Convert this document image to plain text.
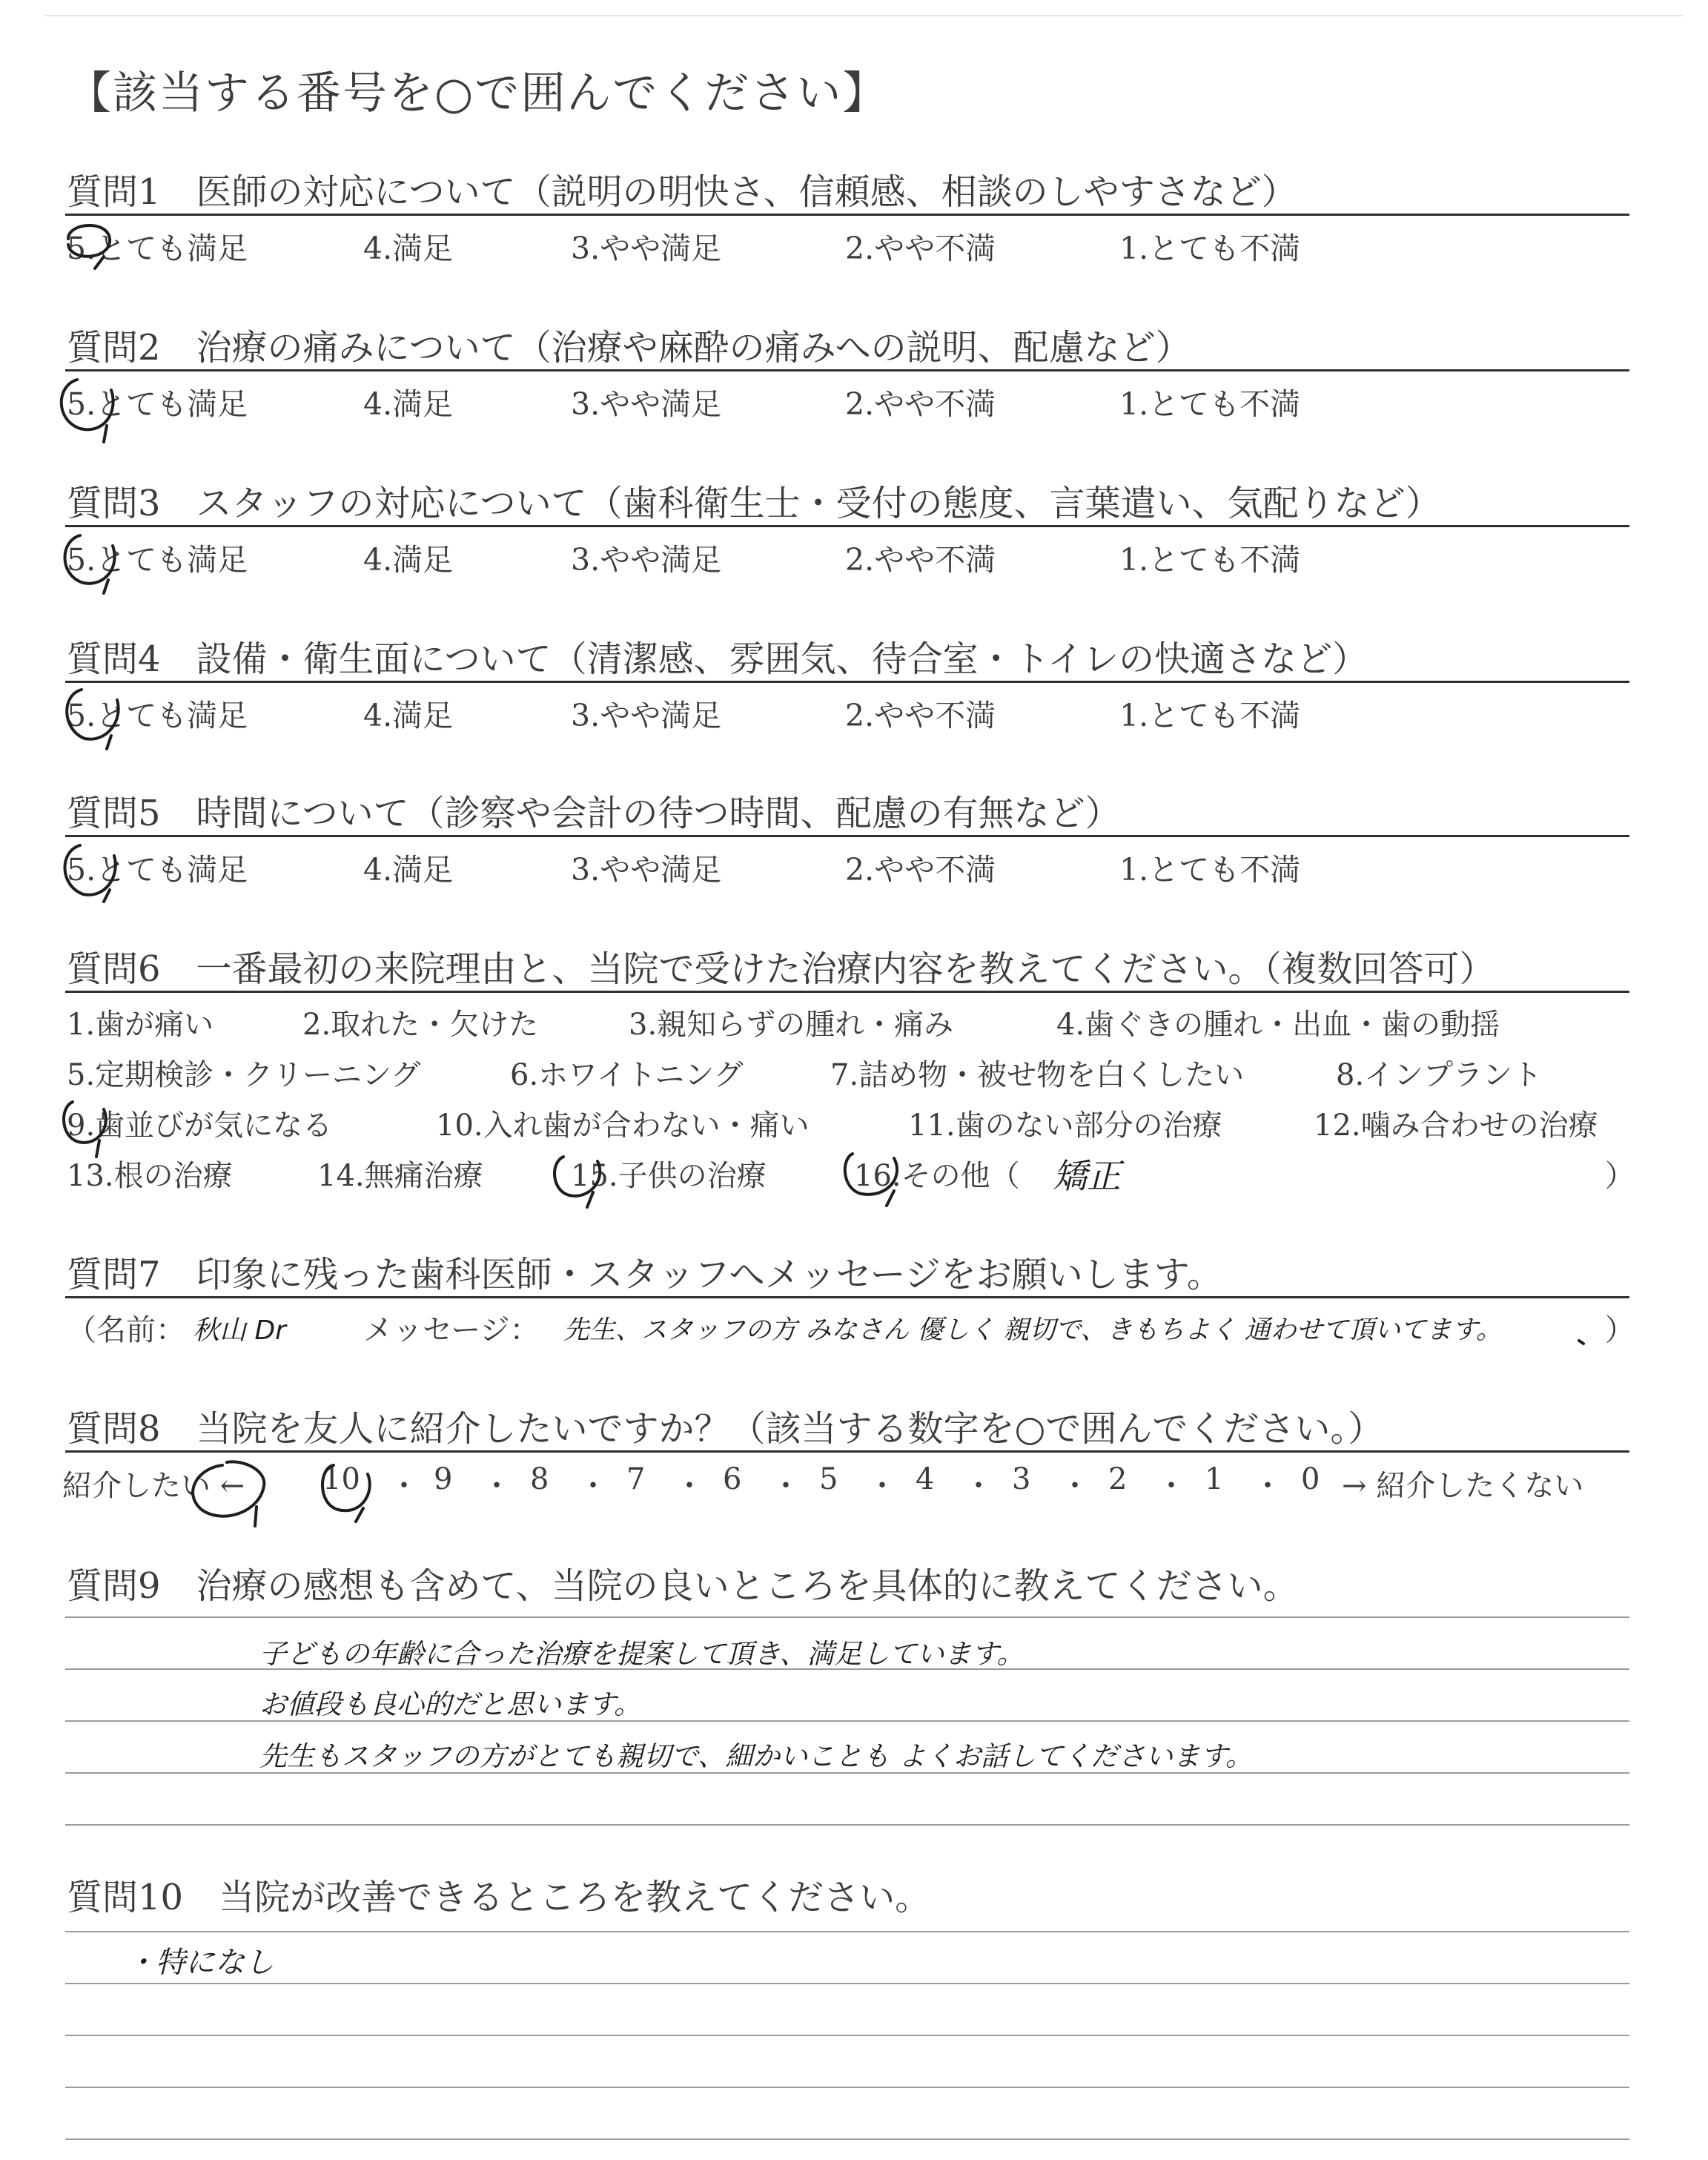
【該当する番号を○で囲んでください】
質問1　医師の対応について（説明の明快さ、信頼感、相談のしやすさなど）
5.とても満足	4.満足	3.やや満足	2.やや不満	1.とても不満
質問2　治療の痛みについて（治療や麻酔の痛みへの説明、配慮など）
5.とても満足	4.満足	3.やや満足	2.やや不満	1.とても不満
質問3　スタッフの対応について（歯科衛生士・受付の態度、言葉遣い、気配りなど）
5.とても満足	4.満足	3.やや満足	2.やや不満	1.とても不満
質問4　設備・衛生面について（清潔感、雰囲気、待合室・トイレの快適さなど）
5.とても満足	4.満足	3.やや満足	2.やや不満	1.とても不満
質問5　時間について（診察や会計の待つ時間、配慮の有無など）
5.とても満足	4.満足	3.やや満足	2.やや不満	1.とても不満
質問6　一番最初の来院理由と、当院で受けた治療内容を教えてください。（複数回答可）
1.歯が痛い	2.取れた・欠けた	3.親知らずの腫れ・痛み	4.歯ぐきの腫れ・出血・歯の動揺
5.定期検診・クリーニング	6.ホワイトニング	7.詰め物・被せ物を白くしたい	8.インプラント
9.歯並びが気になる	10.入れ歯が合わない・痛い	11.歯のない部分の治療	12.噛み合わせの治療
13.根の治療	14.無痛治療	15.子供の治療	16.その他（ 矯正	）
質問7　印象に残った歯科医師・スタッフへメッセージをお願いします。
（名前： 秋山 Dr	メッセージ： 先生、スタッフの方 みなさん 優しく 親切で、きもちよく 通わせて頂いてます。	）
質問8　当院を友人に紹介したいですか？（該当する数字を○で囲んでください。）
紹介したい ←	10 ・ 9 ・ 8 ・ 7 ・ 6 ・ 5 ・ 4 ・ 3 ・ 2 ・ 1 ・ 0 → 紹介したくない
質問9　治療の感想も含めて、当院の良いところを具体的に教えてください。
子どもの年齢に合った治療を提案して頂き、満足しています。
お値段も良心的だと思います。
先生もスタッフの方がとても親切で、細かいことも よくお話してくださいます。
質問10　当院が改善できるところを教えてください。
・特になし
